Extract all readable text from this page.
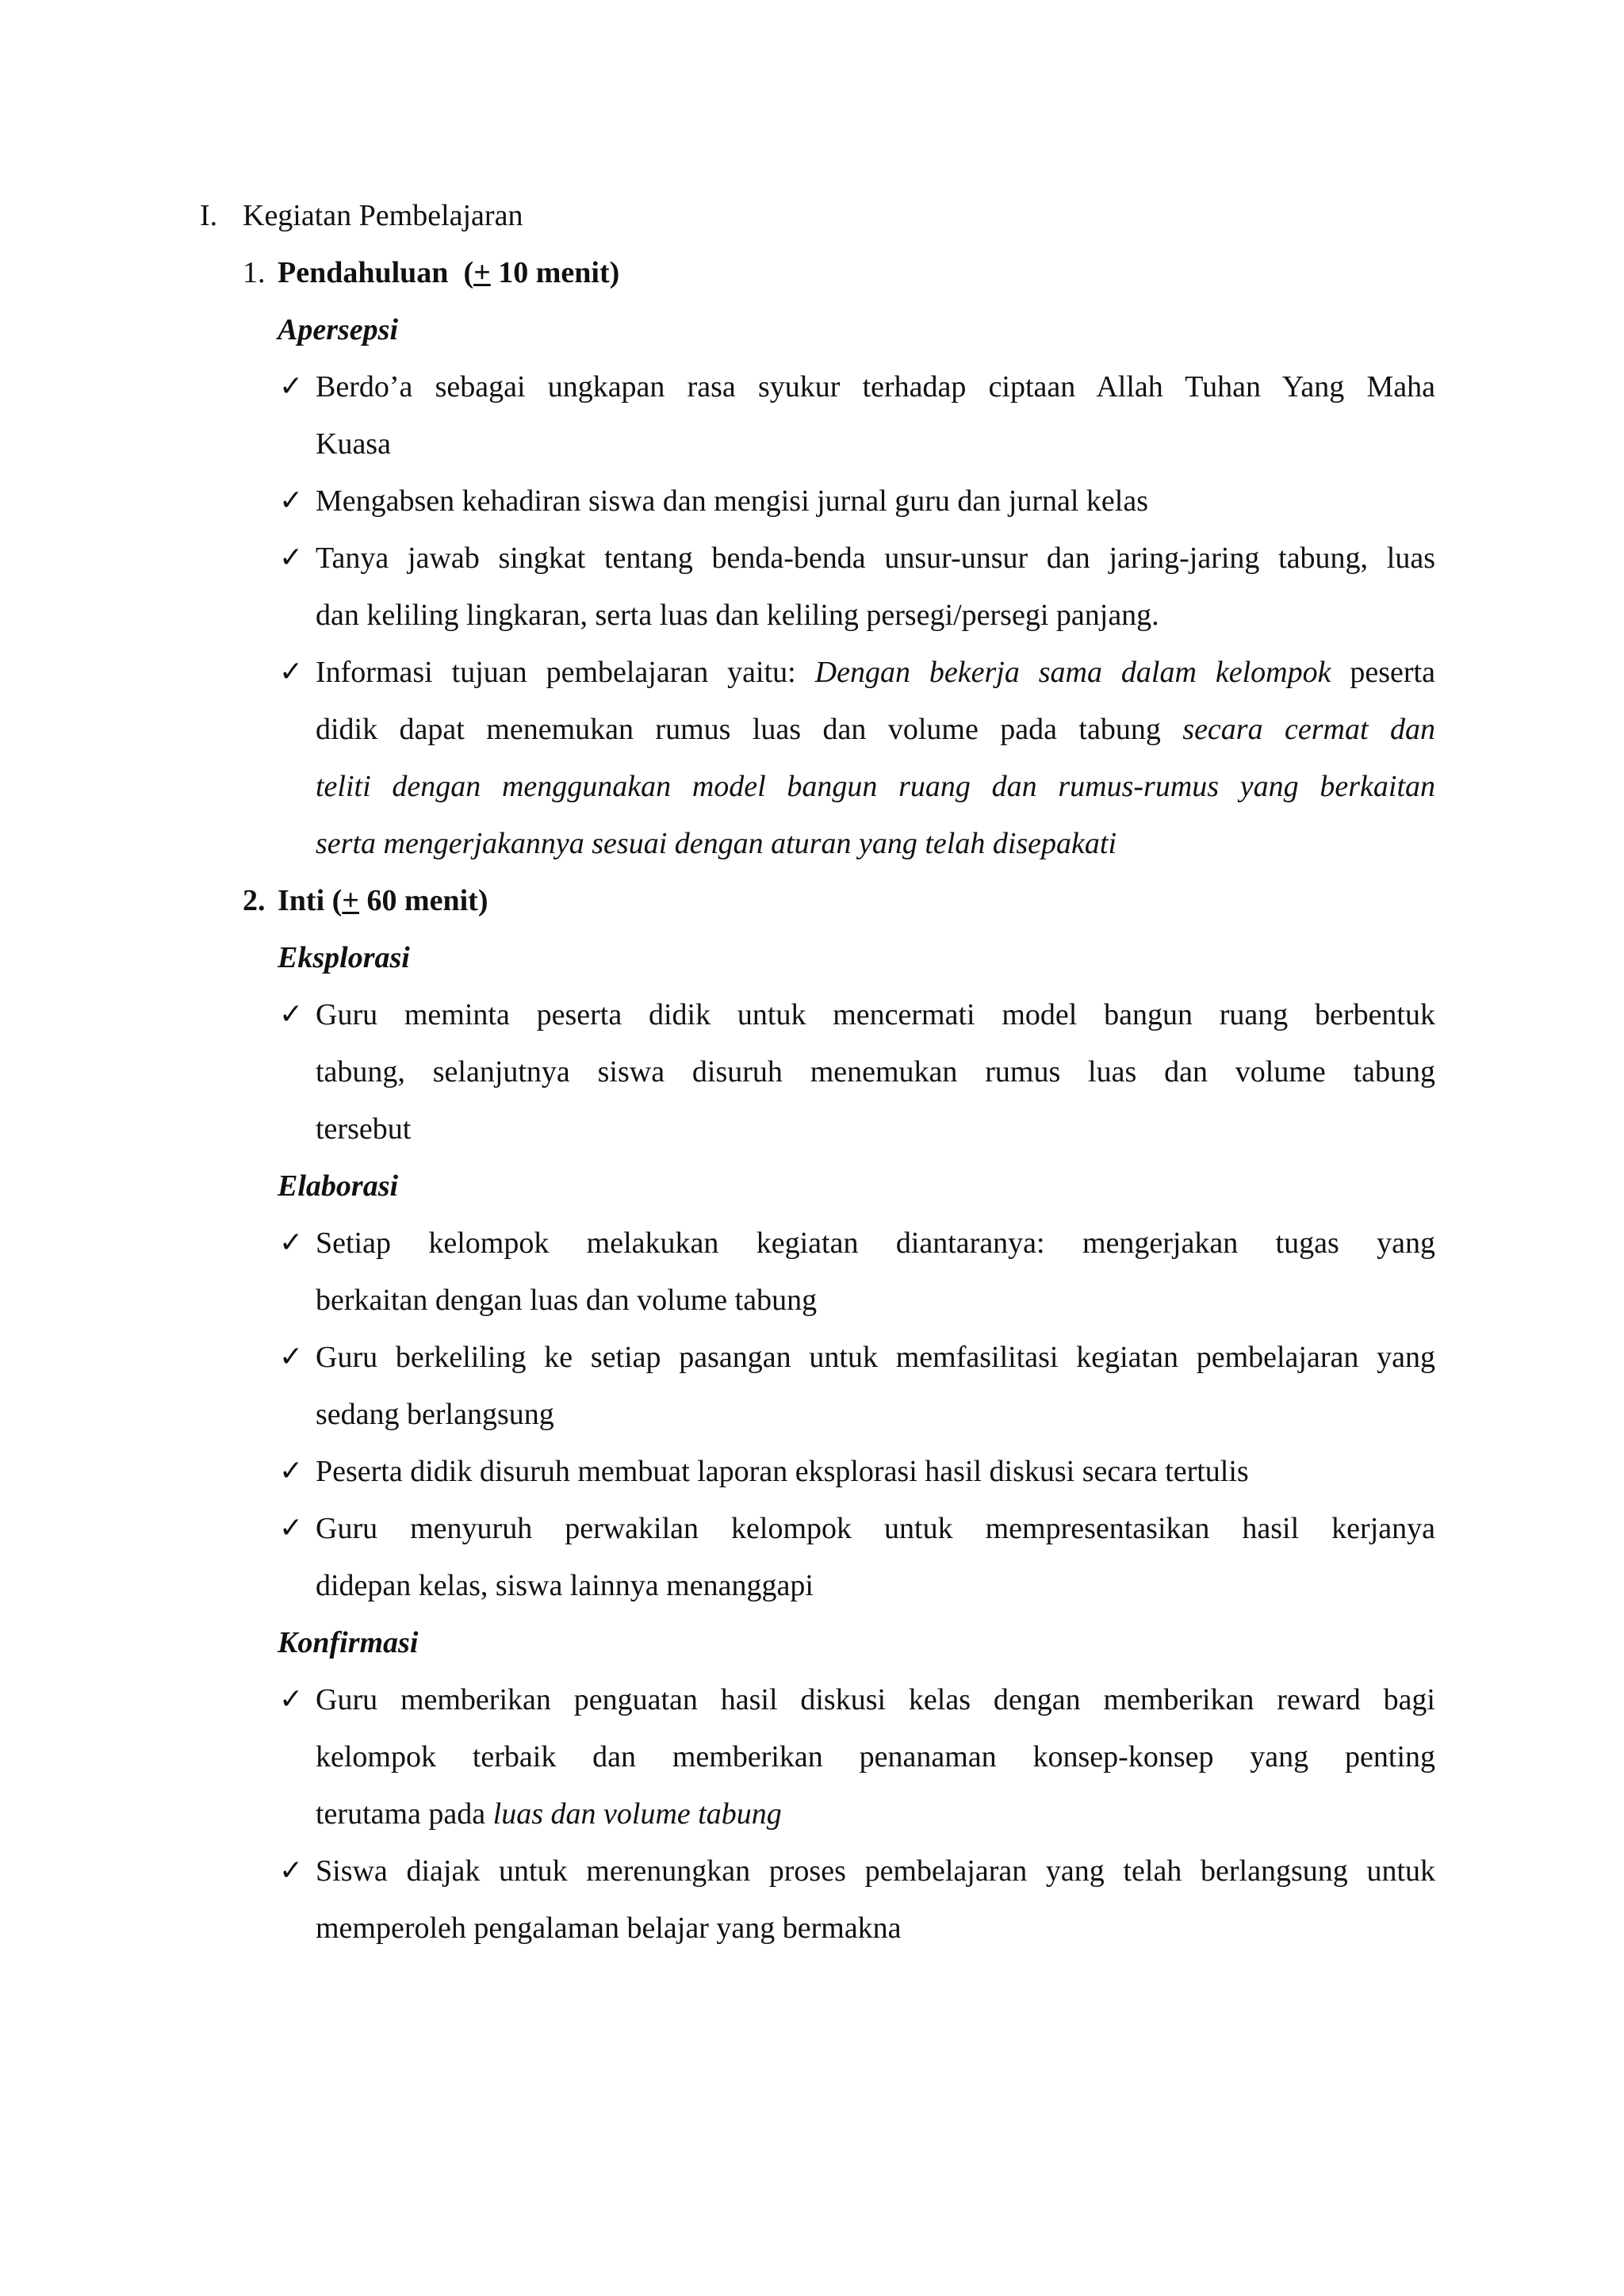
I. Kegiatan Pembelajaran
1. Pendahuluan (+ 10 menit)
Apersepsi
✓ Berdo’a sebagai ungkapan rasa syukur terhadap ciptaan Allah Tuhan Yang Maha
Kuasa
✓ Mengabsen kehadiran siswa dan mengisi jurnal guru dan jurnal kelas
✓ Tanya jawab singkat tentang benda-benda unsur-unsur dan jaring-jaring tabung, luas
dan keliling lingkaran, serta luas dan keliling persegi/persegi panjang.
✓ Informasi tujuan pembelajaran yaitu: Dengan bekerja sama dalam kelompok peserta
didik dapat menemukan rumus luas dan volume pada tabung secara cermat dan
teliti dengan menggunakan model bangun ruang dan rumus-rumus yang berkaitan
serta mengerjakannya sesuai dengan aturan yang telah disepakati
2. Inti (+ 60 menit)
Eksplorasi
✓ Guru meminta peserta didik untuk mencermati model bangun ruang berbentuk
tabung, selanjutnya siswa disuruh menemukan rumus luas dan volume tabung
tersebut
Elaborasi
✓ Setiap kelompok melakukan kegiatan diantaranya: mengerjakan tugas yang
berkaitan dengan luas dan volume tabung
✓ Guru berkeliling ke setiap pasangan untuk memfasilitasi kegiatan pembelajaran yang
sedang berlangsung
✓ Peserta didik disuruh membuat laporan eksplorasi hasil diskusi secara tertulis
✓ Guru menyuruh perwakilan kelompok untuk mempresentasikan hasil kerjanya
didepan kelas, siswa lainnya menanggapi
Konfirmasi
✓ Guru memberikan penguatan hasil diskusi kelas dengan memberikan reward bagi
kelompok terbaik dan memberikan penanaman konsep-konsep yang penting
terutama pada luas dan volume tabung
✓ Siswa diajak untuk merenungkan proses pembelajaran yang telah berlangsung untuk
memperoleh pengalaman belajar yang bermakna
